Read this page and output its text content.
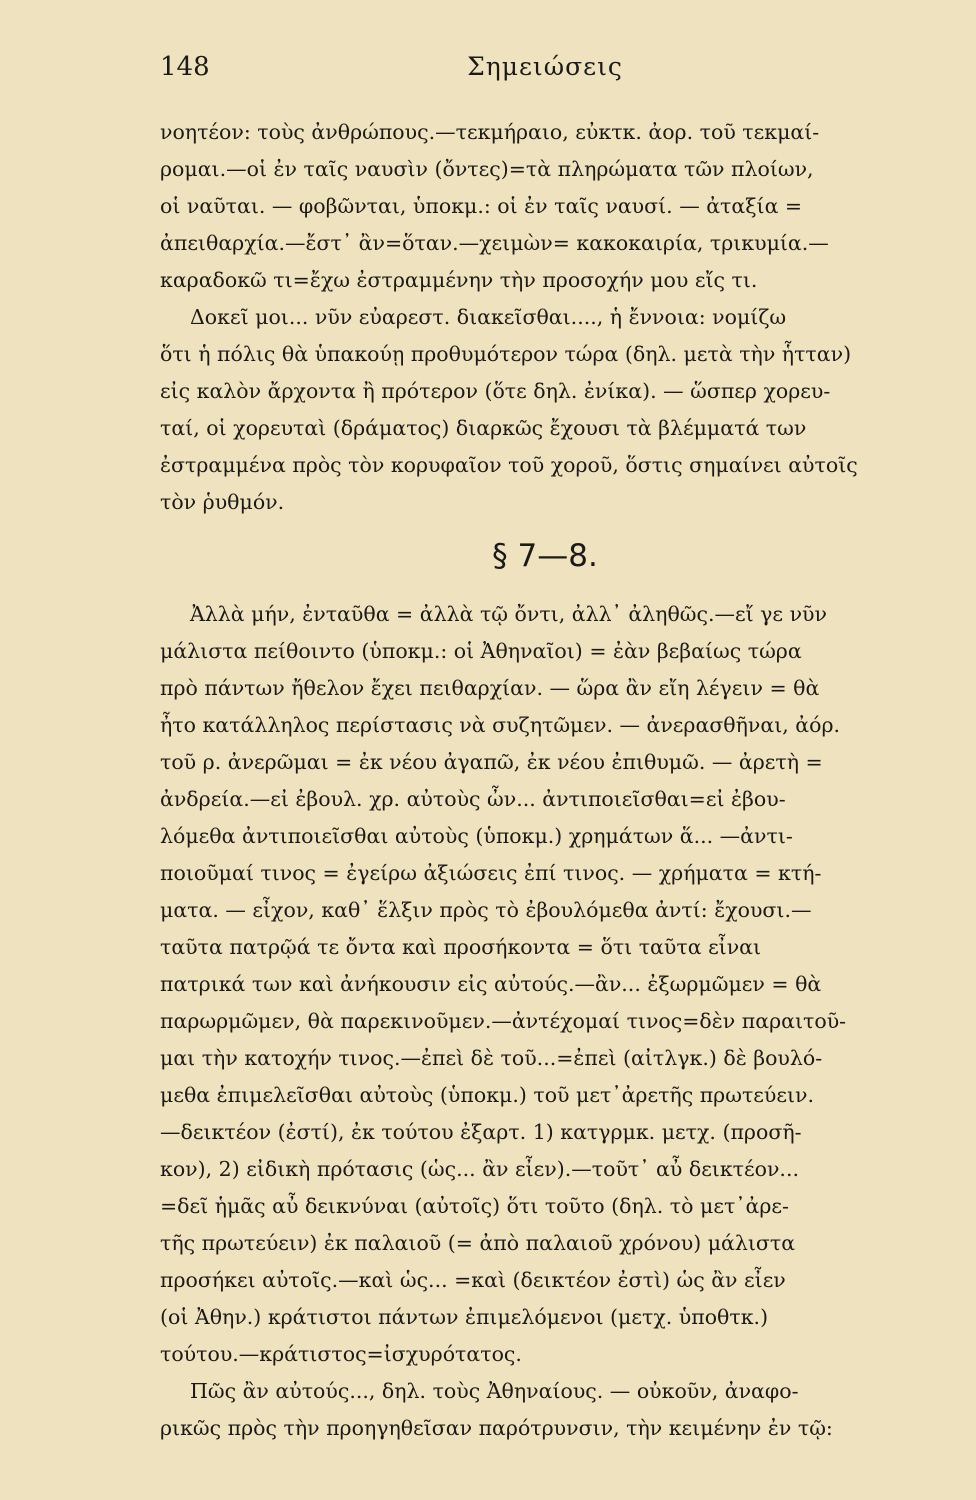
148	Σημειώσεις
νοητέον: τοὺς ἀνθρώπους.—τεκμήραιο, εὐκτκ. ἀορ. τοῦ τεκμαί-
ρομαι.—οἱ ἐν ταῖς ναυσὶν (ὄντες)=τὰ πληρώματα τῶν πλοίων,
οἱ ναῦται. — φοβῶνται, ὑποκμ.: οἱ ἐν ταῖς ναυσί. — ἀταξία =
ἀπειθαρχία.—ἔστ᾽ ἂν=ὅταν.—χειμὼν= κακοκαιρία, τρικυμία.—
καραδοκῶ τι=ἔχω ἐστραμμένην τὴν προσοχήν μου εἴς τι.
Δοκεῖ μοι... νῦν εὐαρεστ. διακεῖσθαι...., ἡ ἔννοια: νομίζω
ὅτι ἡ πόλις θὰ ὑπακούῃ προθυμότερον τώρα (δηλ. μετὰ τὴν ἧτταν)
εἰς καλὸν ἄρχοντα ἢ πρότερον (ὅτε δηλ. ἐνίκα). — ὥσπερ χορευ-
ταί, οἱ χορευταὶ (δράματος) διαρκῶς ἔχουσι τὰ βλέμματά των
ἐστραμμένα πρὸς τὸν κορυφαῖον τοῦ χοροῦ, ὅστις σημαίνει αὐτοῖς
τὸν ῥυθμόν.
§ 7—8.
Ἀλλὰ μήν, ἐνταῦθα = ἀλλὰ τῷ ὄντι, ἀλλ᾽ ἀληθῶς.—εἴ γε νῦν
μάλιστα πείθοιντο (ὑποκμ.: οἱ Ἀθηναῖοι) = ἐὰν βεβαίως τώρα
πρὸ πάντων ἤθελον ἔχει πειθαρχίαν. — ὥρα ἂν εἴη λέγειν = θὰ
ἦτο κατάλληλος περίστασις νὰ συζητῶμεν. — ἀνερασθῆναι, ἀόρ.
τοῦ ρ. ἀνερῶμαι = ἐκ νέου ἀγαπῶ, ἐκ νέου ἐπιθυμῶ. — ἀρετὴ =
ἀνδρεία.—εἰ ἐβουλ. χρ. αὐτοὺς ὦν... ἀντιποιεῖσθαι=εἰ ἐβου-
λόμεθα ἀντιποιεῖσθαι αὐτοὺς (ὑποκμ.) χρημάτων ἅ... —ἀντι-
ποιοῦμαί τινος = ἐγείρω ἀξιώσεις ἐπί τινος. — χρήματα = κτή-
ματα. — εἶχον, καθ᾽ ἕλξιν πρὸς τὸ ἐβουλόμεθα ἀντί: ἔχουσι.—
ταῦτα πατρῷά τε ὄντα καὶ προσήκοντα = ὅτι ταῦτα εἶναι
πατρικά των καὶ ἀνήκουσιν εἰς αὐτούς.—ἂν... ἐξωρμῶμεν = θὰ
παρωρμῶμεν, θὰ παρεκινοῦμεν.—ἀντέχομαί τινος=δὲν παραιτοῦ-
μαι τὴν κατοχήν τινος.—ἐπεὶ δὲ τοῦ...=ἐπεὶ (αἰτλγκ.) δὲ βουλό-
μεθα ἐπιμελεῖσθαι αὐτοὺς (ὑποκμ.) τοῦ μετ᾽ἀρετῆς πρωτεύειν.
—δεικτέον (ἐστί), ἐκ τούτου ἐξαρτ. 1) κατγρμκ. μετχ. (προσῆ-
κον), 2) εἰδικὴ πρότασις (ὡς... ἂν εἶεν).—τοῦτ᾽ αὖ δεικτέον...
=δεῖ ἡμᾶς αὖ δεικνύναι (αὐτοῖς) ὅτι τοῦτο (δηλ. τὸ μετ᾽ἀρε-
τῆς πρωτεύειν) ἐκ παλαιοῦ (= ἀπὸ παλαιοῦ χρόνου) μάλιστα
προσήκει αὐτοῖς.—καὶ ὡς... =καὶ (δεικτέον ἐστὶ) ὡς ἂν εἶεν
(οἱ Ἀθην.) κράτιστοι πάντων ἐπιμελόμενοι (μετχ. ὑποθτκ.)
τούτου.—κράτιστος=ἰσχυρότατος.
Πῶς ἂν αὐτούς..., δηλ. τοὺς Ἀθηναίους. — οὐκοῦν, ἀναφο-
ρικῶς πρὸς τὴν προηγηθεῖσαν παρότρυνσιν, τὴν κειμένην ἐν τῷ:
